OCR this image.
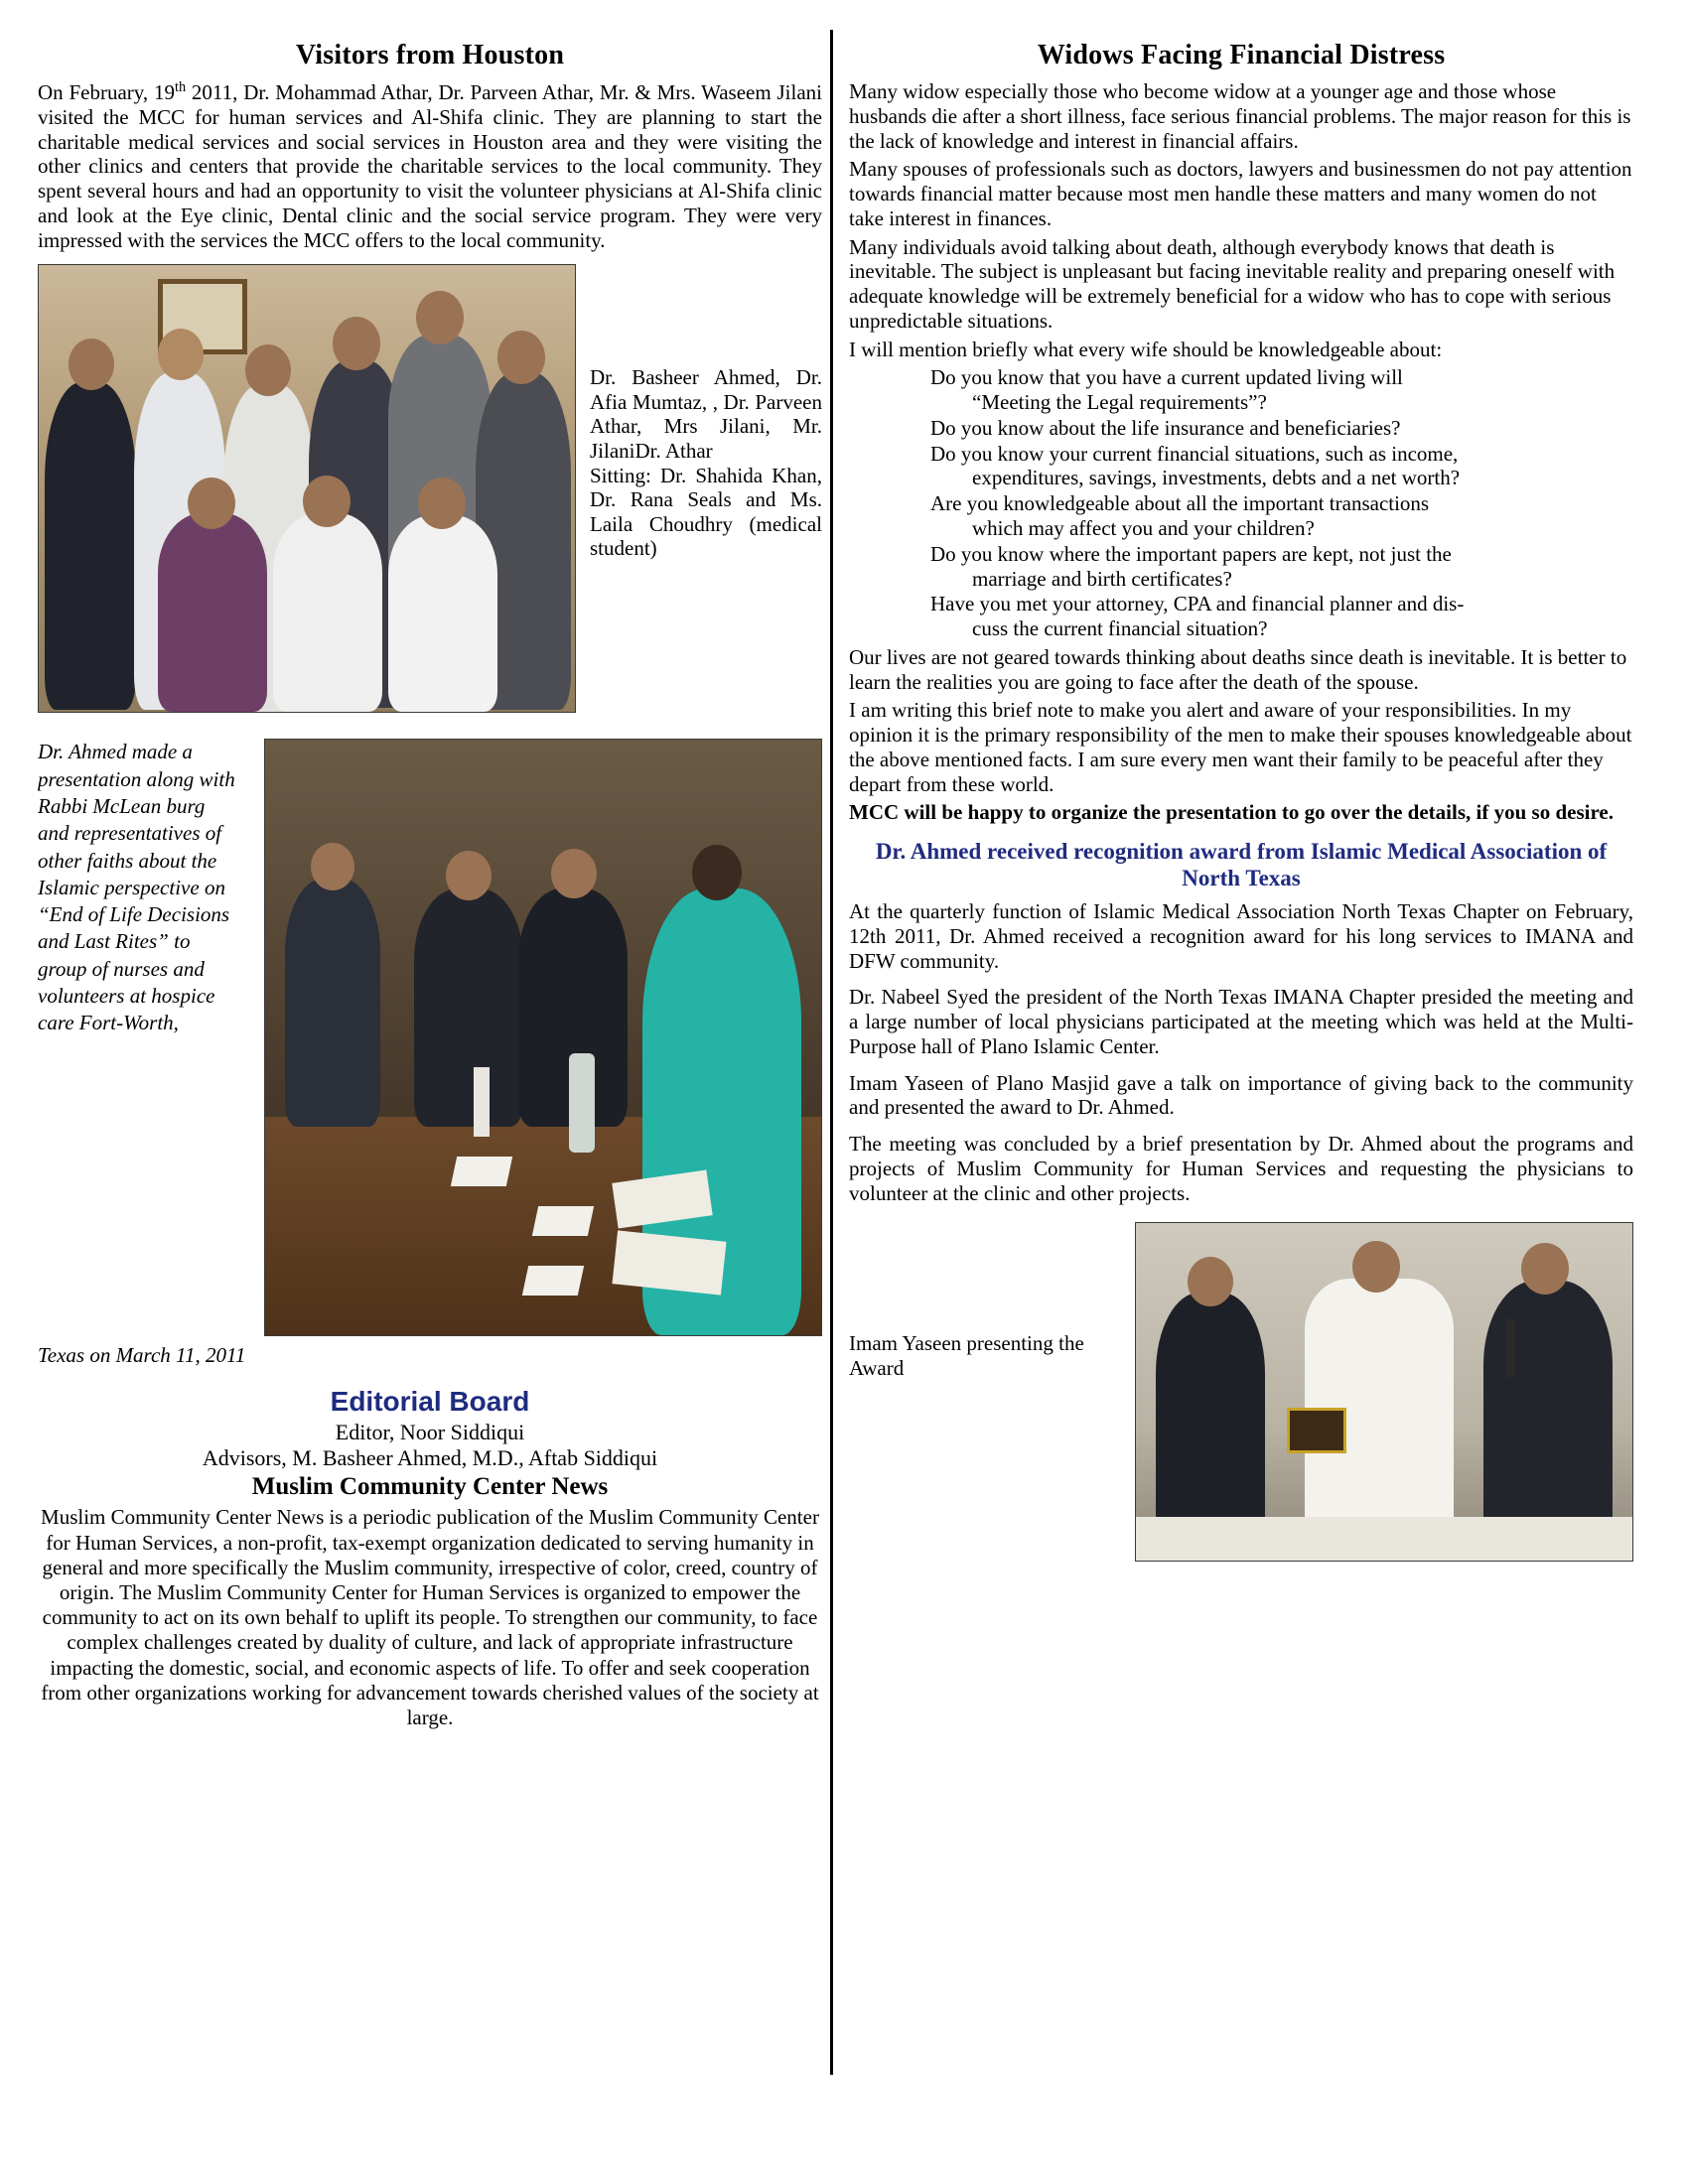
Visitors from Houston

On February, 19th 2011, Dr. Mohammad Athar, Dr. Parveen Athar, Mr. & Mrs. Waseem Jilani visited the MCC for human services and Al-Shifa clinic. They are planning to start the charitable medical services and social services in Houston area and they were visiting the other clinics and centers that provide the charitable services to the local community. They spent several hours and had an opportunity to visit the volunteer physicians at Al-Shifa clinic and look at the Eye clinic, Dental clinic and the social service program. They were very impressed with the services the MCC offers to the local community.

Dr. Basheer Ahmed, Dr. Afia Mumtaz, , Dr. Parveen Athar, Mrs Jilani, Mr. JilaniDr. Athar
Sitting: Dr. Shahida Khan, Dr. Rana Seals and Ms. Laila Choudhry (medical student)
Dr. Ahmed made a presentation along with Rabbi McLean burg and representatives of other faiths about the Islamic perspective on “End of Life Decisions and Last Rites” to group of nurses and volunteers at hospice care Fort-Worth,
Texas on March 11, 2011
Editorial Board

Editor, Noor Siddiqui

Advisors, M. Basheer Ahmed, M.D., Aftab Siddiqui

Muslim Community Center News

Muslim Community Center News is a periodic publication of the Muslim Community Center for Human Services, a non-profit, tax-exempt organization dedicated to serving humanity in general and more specifically the Muslim community, irrespective of color, creed, country of origin. The Muslim Community Center for Human Services is organized to empower the community to act on its own behalf to uplift its people. To strengthen our community, to face complex challenges created by duality of culture, and lack of appropriate infrastructure impacting the domestic, social, and economic aspects of life. To offer and seek cooperation from other organizations working for advancement towards cherished values of the society at large.

Widows Facing Financial Distress

Many widow especially those who become widow at a younger age and those whose husbands die after a short illness, face serious financial problems. The major reason for this is the lack of knowledge and interest in financial affairs.

Many spouses of professionals such as doctors, lawyers and businessmen do not pay attention towards financial matter because most men handle these matters and many women do not take interest in finances.

Many individuals avoid talking about death, although everybody knows that death is inevitable. The subject is unpleasant but facing inevitable reality and preparing oneself with adequate knowledge will be extremely beneficial for a widow who has to cope with serious unpredictable situations.

I will mention briefly what every wife should be knowledgeable about:

Do you know that you have a current updated living will
“Meeting the Legal requirements”?
Do you know about the life insurance and beneficiaries?
Do you know your current financial situations, such as income,
expenditures, savings, investments, debts and a net worth?
Are you knowledgeable about all the important transactions
which may affect you and your children?
Do you know where the important papers are kept, not just the
marriage and birth certificates?
Have you met your attorney, CPA and financial planner and dis-
cuss the current financial situation?

Our lives are not geared towards thinking about deaths since death is inevitable. It is better to learn the realities you are going to face after the death of the spouse.

I am writing this brief note to make you alert and aware of your responsibilities. In my opinion it is the primary responsibility of the men to make their spouses knowledgeable about the above mentioned facts. I am sure every men want their family to be peaceful after they depart from these world.

MCC will be happy to organize the presentation to go over the details, if you so desire.

Dr. Ahmed received recognition award from Islamic Medical Association of North Texas

At the quarterly function of Islamic Medical Association North Texas Chapter on February, 12th 2011, Dr. Ahmed received a recognition award for his long services to IMANA and DFW community.

Dr. Nabeel Syed the president of the North Texas IMANA Chapter presided the meeting and a large number of local physicians participated at the meeting which was held at the Multi-Purpose hall of Plano Islamic Center.

Imam Yaseen of Plano Masjid gave a talk on importance of giving back to the community and presented the award to Dr. Ahmed.

The meeting was concluded by a brief presentation by Dr. Ahmed about the programs and projects of Muslim Community for Human Services and requesting the physicians to volunteer at the clinic and other projects.

Imam Yaseen presenting the Award
